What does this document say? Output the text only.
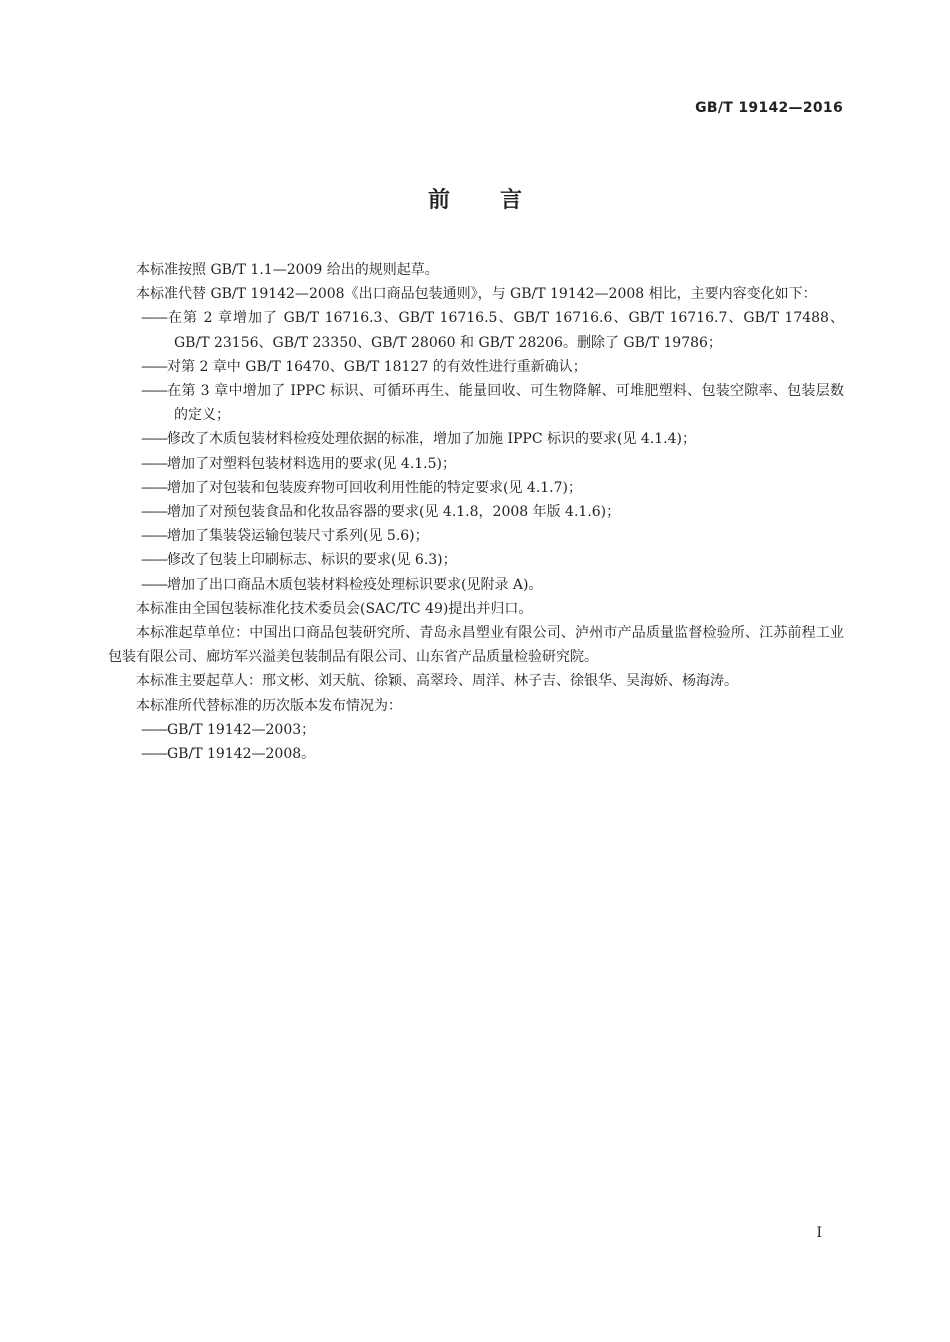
GB/T 19142—2016
前言

本标准按照 GB/T 1.1—2009 给出的规则起草。

本标准代替 GB/T 19142—2008《出口商品包装通则》，与 GB/T 19142—2008 相比，主要内容变化如下：

——在第 2 章增加了 GB/T 16716.3、GB/T 16716.5、GB/T 16716.6、GB/T 16716.7、GB/T 17488、GB/T 23156、GB/T 23350、GB/T 28060 和 GB/T 28206。删除了 GB/T 19786；

——对第 2 章中 GB/T 16470、GB/T 18127 的有效性进行重新确认；

——在第 3 章中增加了 IPPC 标识、可循环再生、能量回收、可生物降解、可堆肥塑料、包装空隙率、包装层数的定义；

——修改了木质包装材料检疫处理依据的标准，增加了加施 IPPC 标识的要求(见 4.1.4)；

——增加了对塑料包装材料选用的要求(见 4.1.5)；

——增加了对包装和包装废弃物可回收利用性能的特定要求(见 4.1.7)；

——增加了对预包装食品和化妆品容器的要求(见 4.1.8，2008 年版 4.1.6)；

——增加了集装袋运输包装尺寸系列(见 5.6)；

——修改了包装上印刷标志、标识的要求(见 6.3)；

——增加了出口商品木质包装材料检疫处理标识要求(见附录 A)。

本标准由全国包装标准化技术委员会(SAC/TC 49)提出并归口。

本标准起草单位：中国出口商品包装研究所、青岛永昌塑业有限公司、泸州市产品质量监督检验所、江苏前程工业包装有限公司、廊坊军兴溢美包装制品有限公司、山东省产品质量检验研究院。

本标准主要起草人：邢文彬、刘天航、徐颖、高翠玲、周洋、林子吉、徐银华、吴海娇、杨海涛。

本标准所代替标准的历次版本发布情况为：

——GB/T 19142—2003；

——GB/T 19142—2008。

I
